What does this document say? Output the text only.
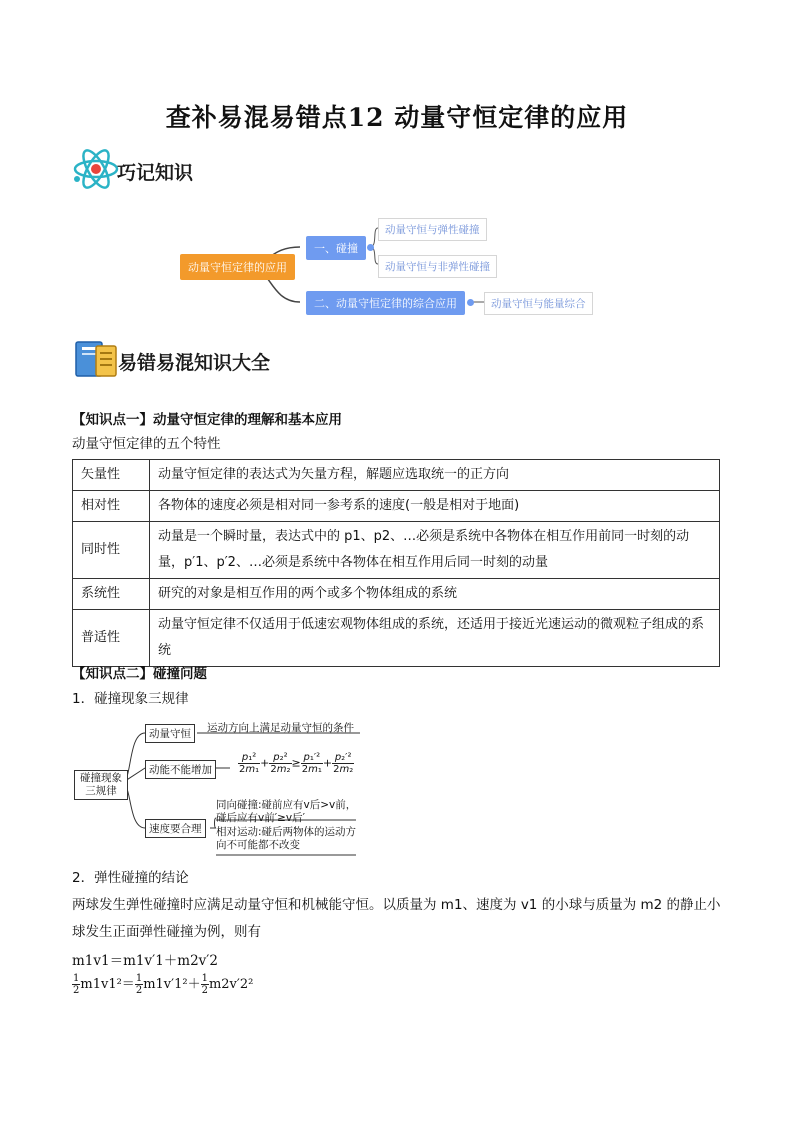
查补易混易错点12 动量守恒定律的应用
巧记知识
动量守恒定律的应用
一、碰撞
动量守恒与弹性碰撞
动量守恒与非弹性碰撞
二、动量守恒定律的综合应用	动量守恒与能量综合
易错易混知识大全
【知识点一】动量守恒定律的理解和基本应用
动量守恒定律的五个特性
矢量性	动量守恒定律的表达式为矢量方程，解题应选取统一的正方向
相对性	各物体的速度必须是相对同一参考系的速度(一般是相对于地面)
同时性	动量是一个瞬时量，表达式中的 p1、p2、…必须是系统中各物体在相互作用前同一时刻的动量，p′1、p′2、…必须是系统中各物体在相互作用后同一时刻的动量
系统性	研究的对象是相互作用的两个或多个物体组成的系统
普适性	动量守恒定律不仅适用于低速宏观物体组成的系统，还适用于接近光速运动的微观粒子组成的系统
【知识点二】碰撞问题
1．碰撞现象三规律
碰撞现象三规律
动量守恒	运动方向上满足动量守恒的条件
动能不能增加	$\frac{\text{p₁²}}{\text{2m₁}} + \frac{\text{p₂²}}{\text{2m₂}} \ge \frac{\text{p₁′²}}{\text{2m₁}} + \frac{\text{p₂′²}}{\text{2m₂}}$
速度要合理
同向碰撞:碰前应有v后>v前，碰后应有v前′≥v后′
相对运动:碰后两物体的运动方向不可能都不改变
2．弹性碰撞的结论
两球发生弹性碰撞时应满足动量守恒和机械能守恒。以质量为 m1、速度为 v1 的小球与质量为 m2 的静止小球发生正面弹性碰撞为例，则有
m1v1＝m1v′1＋m2v′2
$\frac{1}{2} m1v1^2= \frac{1}{2} m1v'1^2+ \frac{1}{2} m2v'2^2$
